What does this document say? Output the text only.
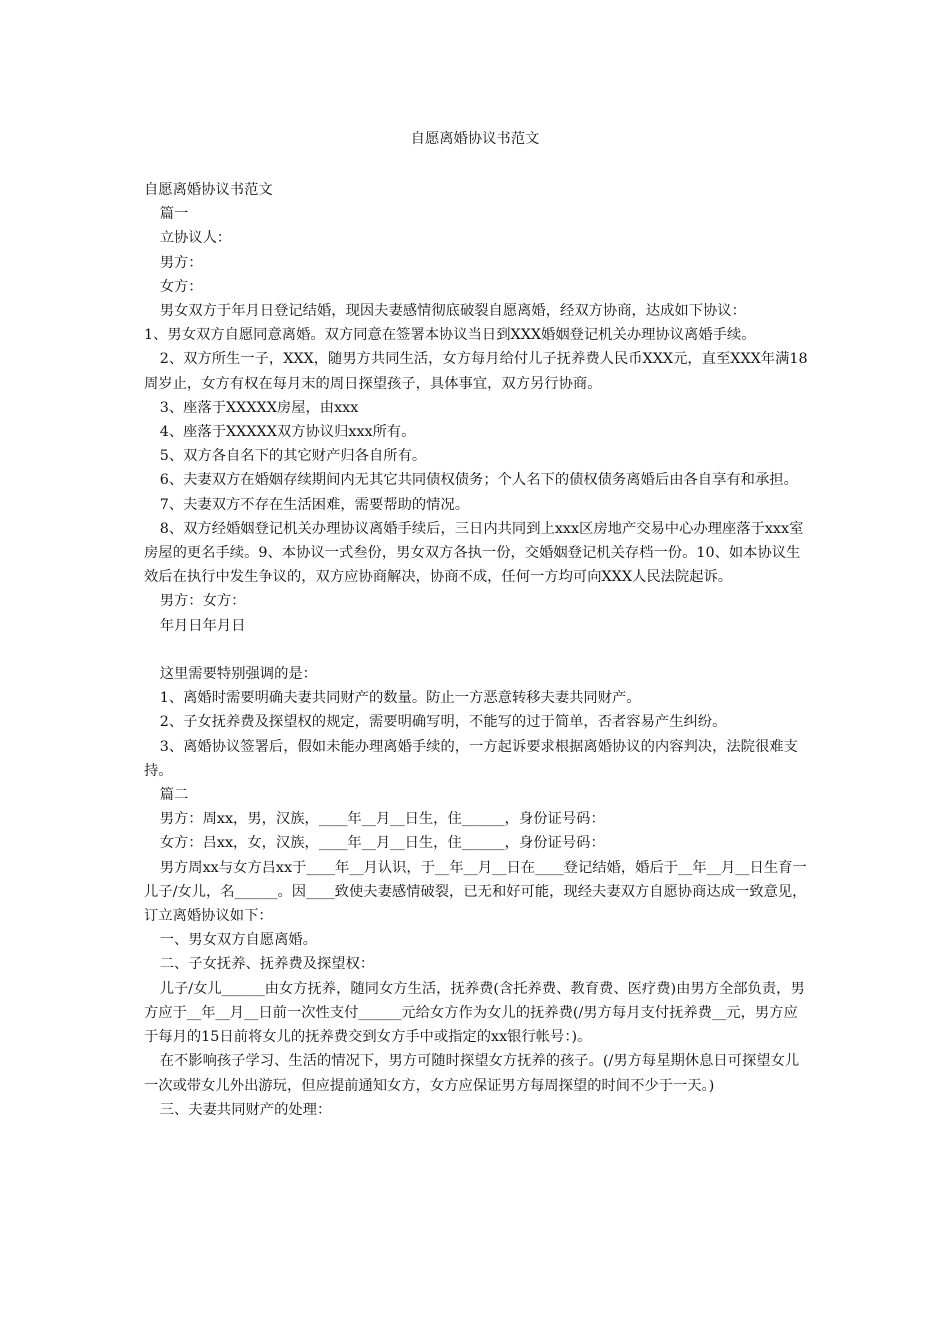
自愿离婚协议书范文

自愿离婚协议书范文

篇一

立协议人：

男方：

女方：

男女双方于年月日登记结婚，现因夫妻感情彻底破裂自愿离婚，经双方协商，达成如下协议：

1、男女双方自愿同意离婚。双方同意在签署本协议当日到XXX婚姻登记机关办理协议离婚手续。

2、双方所生一子，XXX，随男方共同生活，女方每月给付儿子抚养费人民币XXX元，直至XXX年满18周岁止，女方有权在每月末的周日探望孩子，具体事宜，双方另行协商。

3、座落于XXXXX房屋，由xxx

4、座落于XXXXX双方协议归xxx所有。

5、双方各自名下的其它财产归各自所有。

6、夫妻双方在婚姻存续期间内无其它共同债权债务；个人名下的债权债务离婚后由各自享有和承担。

7、夫妻双方不存在生活困难，需要帮助的情况。

8、双方经婚姻登记机关办理协议离婚手续后，三日内共同到上xxx区房地产交易中心办理座落于xxx室房屋的更名手续。9、本协议一式叁份，男女双方各执一份，交婚姻登记机关存档一份。10、如本协议生效后在执行中发生争议的，双方应协商解决，协商不成，任何一方均可向XXX人民法院起诉。

男方：女方：

年月日年月日

这里需要特别强调的是：

1、离婚时需要明确夫妻共同财产的数量。防止一方恶意转移夫妻共同财产。

2、子女抚养费及探望权的规定，需要明确写明，不能写的过于简单，否者容易产生纠纷。

3、离婚协议签署后，假如未能办理离婚手续的，一方起诉要求根据离婚协议的内容判决，法院很难支持。

篇二

男方：周xx，男，汉族，____年__月__日生，住______，身份证号码：

女方：吕xx，女，汉族，____年__月__日生，住______，身份证号码：

男方周xx与女方吕xx于____年__月认识，于__年__月__日在____登记结婚，婚后于__年__月__日生育一儿子/女儿，名______。因____致使夫妻感情破裂，已无和好可能，现经夫妻双方自愿协商达成一致意见，订立离婚协议如下：

一、男女双方自愿离婚。

二、子女抚养、抚养费及探望权：

儿子/女儿______由女方抚养，随同女方生活，抚养费(含托养费、教育费、医疗费)由男方全部负责，男方应于__年__月__日前一次性支付______元给女方作为女儿的抚养费(/男方每月支付抚养费__元，男方应于每月的15日前将女儿的抚养费交到女方手中或指定的xx银行帐号：)。

在不影响孩子学习、生活的情况下，男方可随时探望女方抚养的孩子。(/男方每星期休息日可探望女儿一次或带女儿外出游玩，但应提前通知女方，女方应保证男方每周探望的时间不少于一天。)

三、夫妻共同财产的处理：
